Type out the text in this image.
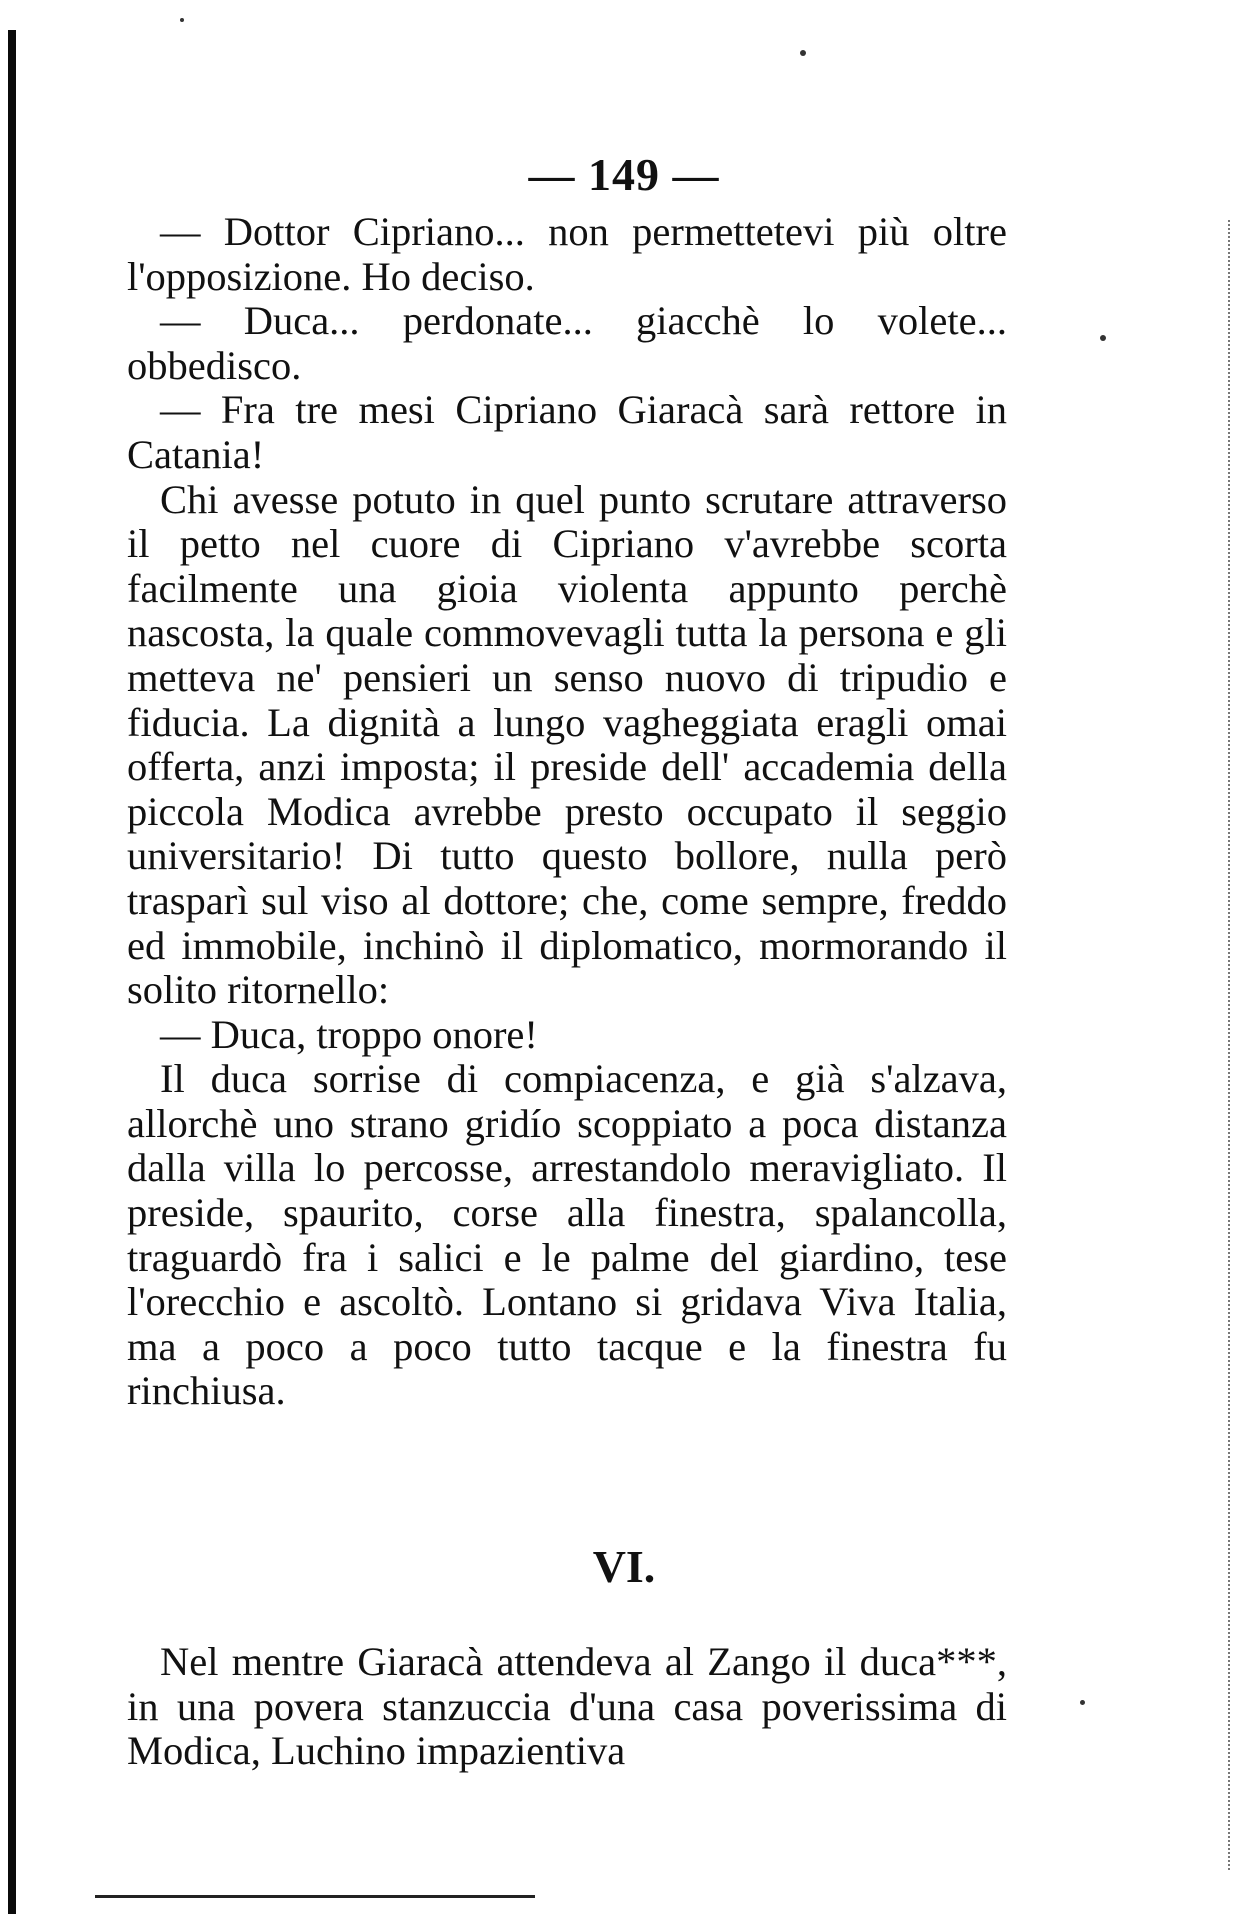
— 149 —

— Dottor Cipriano... non permettetevi più oltre l'opposizione. Ho deciso.

— Duca... perdonate... giacchè lo volete... obbedisco.

— Fra tre mesi Cipriano Giaracà sarà rettore in Catania!

Chi avesse potuto in quel punto scrutare attraverso il petto nel cuore di Cipriano v'avrebbe scorta facilmente una gioia violenta appunto perchè nascosta, la quale commovevagli tutta la persona e gli metteva ne' pensieri un senso nuovo di tripudio e fiducia. La dignità a lungo vagheggiata eragli omai offerta, anzi imposta; il preside dell' accademia della piccola Modica avrebbe presto occupato il seggio universitario! Di tutto questo bollore, nulla però trasparì sul viso al dottore; che, come sempre, freddo ed immobile, inchinò il diplomatico, mormorando il solito ritornello:

— Duca, troppo onore!

Il duca sorrise di compiacenza, e già s'alzava, allorchè uno strano gridío scoppiato a poca distanza dalla villa lo percosse, arrestandolo meravigliato. Il preside, spaurito, corse alla finestra, spalancolla, traguardò fra i salici e le palme del giardino, tese l'orecchio e ascoltò. Lontano si gridava Viva Italia, ma a poco a poco tutto tacque e la finestra fu rinchiusa.

VI.

Nel mentre Giaracà attendeva al Zango il duca***, in una povera stanzuccia d'una casa poverissima di Modica, Luchino impazientiva
